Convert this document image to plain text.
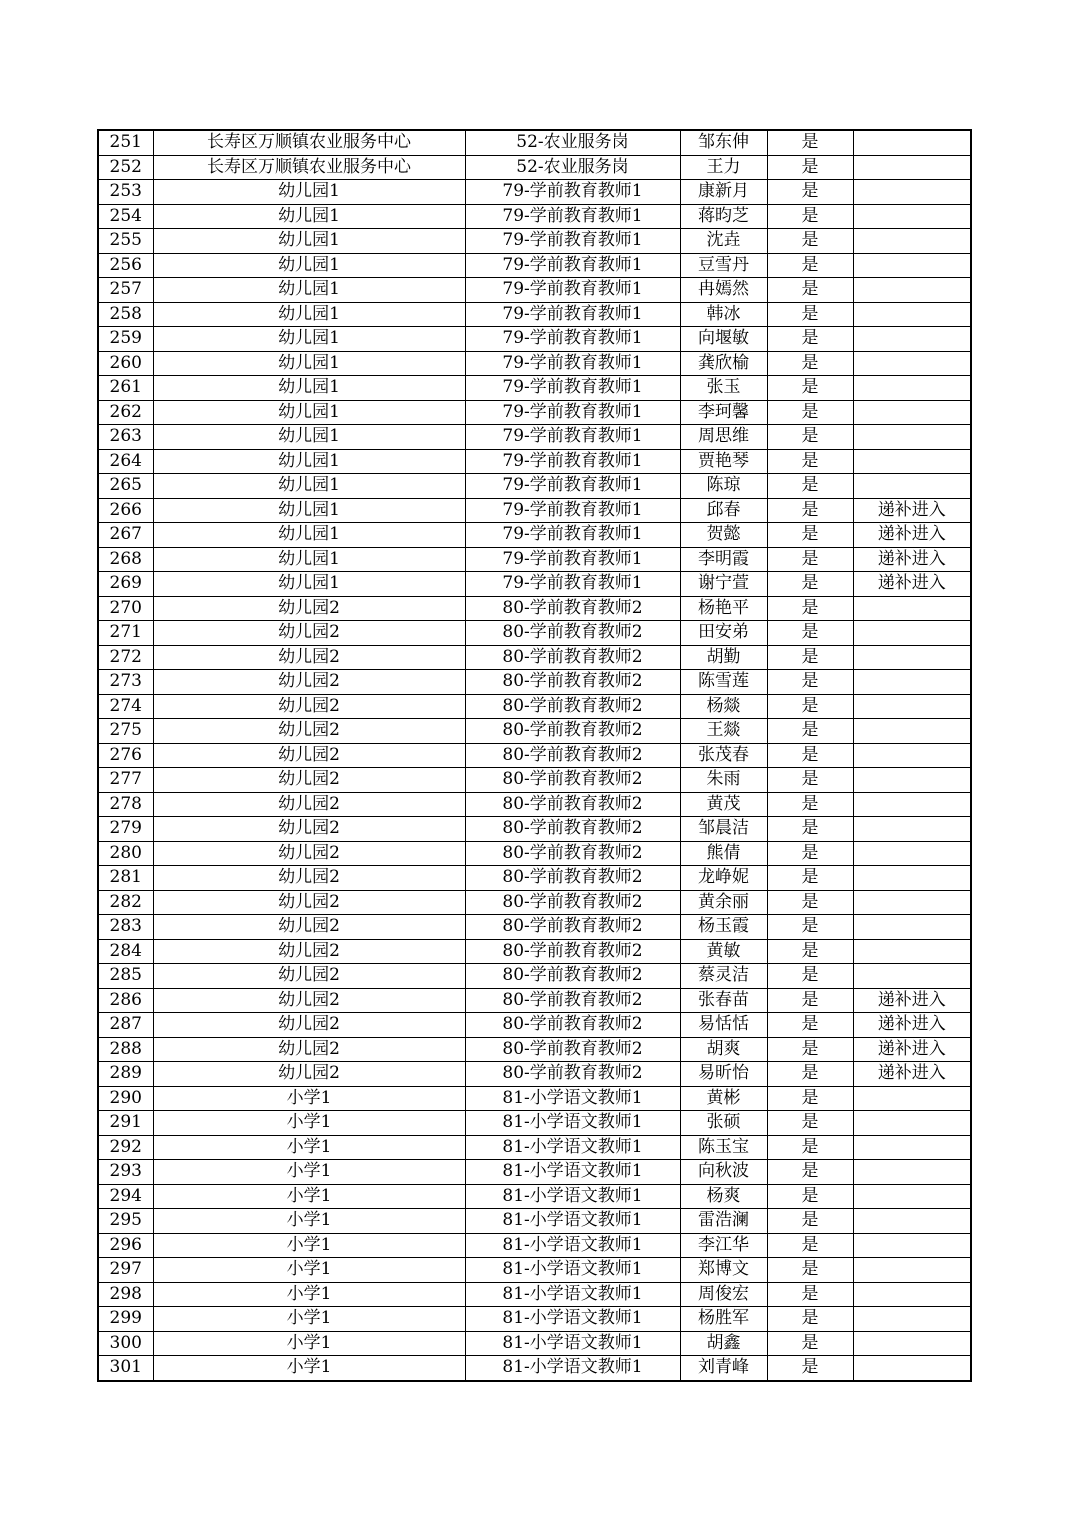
251	长寿区万顺镇农业服务中心	52-农业服务岗	邹东伸	是	
252	长寿区万顺镇农业服务中心	52-农业服务岗	王力	是	
253	幼儿园1	79-学前教育教师1	康新月	是	
254	幼儿园1	79-学前教育教师1	蒋昀芝	是	
255	幼儿园1	79-学前教育教师1	沈垚	是	
256	幼儿园1	79-学前教育教师1	豆雪丹	是	
257	幼儿园1	79-学前教育教师1	冉嫣然	是	
258	幼儿园1	79-学前教育教师1	韩冰	是	
259	幼儿园1	79-学前教育教师1	向堰敏	是	
260	幼儿园1	79-学前教育教师1	龚欣榆	是	
261	幼儿园1	79-学前教育教师1	张玉	是	
262	幼儿园1	79-学前教育教师1	李珂馨	是	
263	幼儿园1	79-学前教育教师1	周思维	是	
264	幼儿园1	79-学前教育教师1	贾艳琴	是	
265	幼儿园1	79-学前教育教师1	陈琼	是	
266	幼儿园1	79-学前教育教师1	邱春	是	递补进入
267	幼儿园1	79-学前教育教师1	贺懿	是	递补进入
268	幼儿园1	79-学前教育教师1	李明霞	是	递补进入
269	幼儿园1	79-学前教育教师1	谢宁萱	是	递补进入
270	幼儿园2	80-学前教育教师2	杨艳平	是	
271	幼儿园2	80-学前教育教师2	田安弟	是	
272	幼儿园2	80-学前教育教师2	胡勤	是	
273	幼儿园2	80-学前教育教师2	陈雪莲	是	
274	幼儿园2	80-学前教育教师2	杨燚	是	
275	幼儿园2	80-学前教育教师2	王燚	是	
276	幼儿园2	80-学前教育教师2	张茂春	是	
277	幼儿园2	80-学前教育教师2	朱雨	是	
278	幼儿园2	80-学前教育教师2	黄茂	是	
279	幼儿园2	80-学前教育教师2	邹晨洁	是	
280	幼儿园2	80-学前教育教师2	熊倩	是	
281	幼儿园2	80-学前教育教师2	龙峥妮	是	
282	幼儿园2	80-学前教育教师2	黄余丽	是	
283	幼儿园2	80-学前教育教师2	杨玉霞	是	
284	幼儿园2	80-学前教育教师2	黄敏	是	
285	幼儿园2	80-学前教育教师2	蔡灵洁	是	
286	幼儿园2	80-学前教育教师2	张春苗	是	递补进入
287	幼儿园2	80-学前教育教师2	易恬恬	是	递补进入
288	幼儿园2	80-学前教育教师2	胡爽	是	递补进入
289	幼儿园2	80-学前教育教师2	易昕怡	是	递补进入
290	小学1	81-小学语文教师1	黄彬	是	
291	小学1	81-小学语文教师1	张硕	是	
292	小学1	81-小学语文教师1	陈玉宝	是	
293	小学1	81-小学语文教师1	向秋波	是	
294	小学1	81-小学语文教师1	杨爽	是	
295	小学1	81-小学语文教师1	雷浩澜	是	
296	小学1	81-小学语文教师1	李江华	是	
297	小学1	81-小学语文教师1	郑博文	是	
298	小学1	81-小学语文教师1	周俊宏	是	
299	小学1	81-小学语文教师1	杨胜军	是	
300	小学1	81-小学语文教师1	胡鑫	是	
301	小学1	81-小学语文教师1	刘青峰	是	
